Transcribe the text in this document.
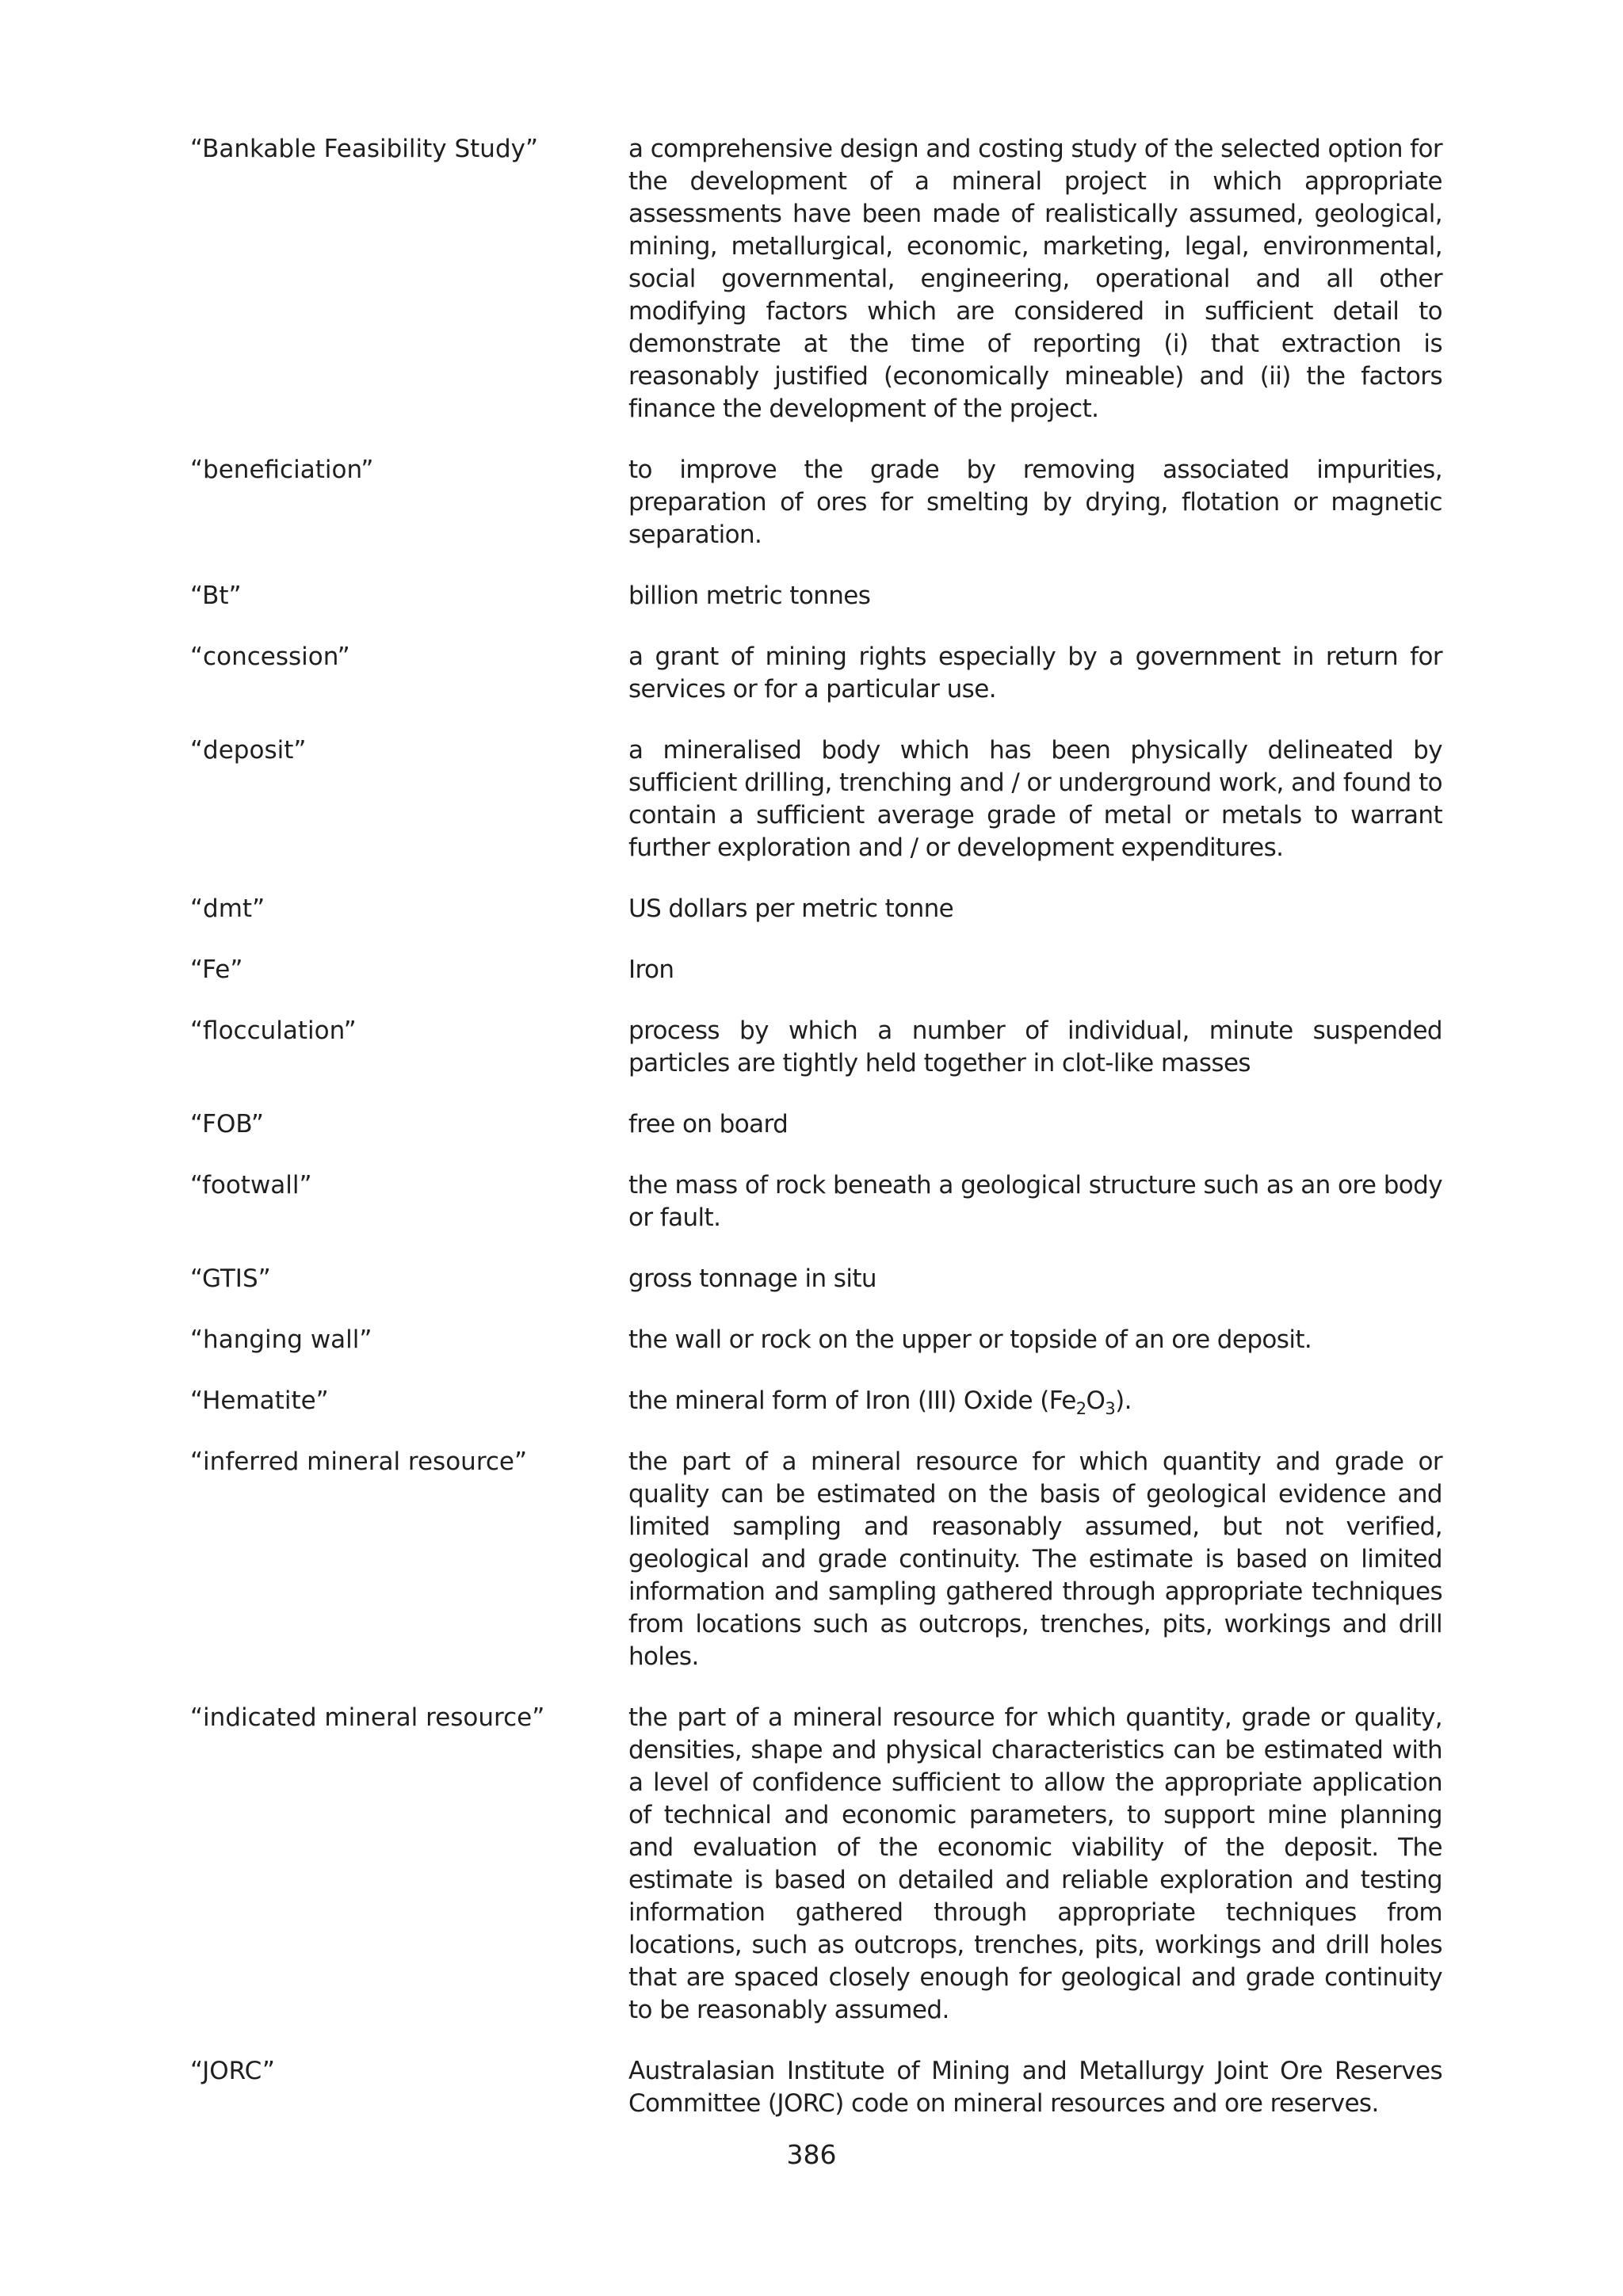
“Bankable Feasibility Study”	a comprehensive design and costing study of the selected option for the development of a mineral project in which appropriate assessments have been made of realistically assumed, geological, mining, metallurgical, economic, marketing, legal, environmental, social governmental, engineering, operational and all other modifying factors which are considered in sufficient detail to demonstrate at the time of reporting (i) that extraction is reasonably justified (economically mineable) and (ii) the factors finance the development of the project.
“beneficiation”	to improve the grade by removing associated impurities, preparation of ores for smelting by drying, flotation or magnetic separation.
“Bt”	billion metric tonnes
“concession”	a grant of mining rights especially by a government in return for services or for a particular use.
“deposit”	a mineralised body which has been physically delineated by sufficient drilling, trenching and / or underground work, and found to contain a sufficient average grade of metal or metals to warrant further exploration and / or development expenditures.
“dmt”	US dollars per metric tonne
“Fe”	Iron
“flocculation”	process by which a number of individual, minute suspended particles are tightly held together in clot-like masses
“FOB”	free on board
“footwall”	the mass of rock beneath a geological structure such as an ore body or fault.
“GTIS”	gross tonnage in situ
“hanging wall”	the wall or rock on the upper or topside of an ore deposit.
“Hematite”	the mineral form of Iron (III) Oxide $(Fe_2O_3)$.
“inferred mineral resource”	the part of a mineral resource for which quantity and grade or quality can be estimated on the basis of geological evidence and limited sampling and reasonably assumed, but not verified, geological and grade continuity. The estimate is based on limited information and sampling gathered through appropriate techniques from locations such as outcrops, trenches, pits, workings and drill holes.
“indicated mineral resource”	the part of a mineral resource for which quantity, grade or quality, densities, shape and physical characteristics can be estimated with a level of confidence sufficient to allow the appropriate application of technical and economic parameters, to support mine planning and evaluation of the economic viability of the deposit. The estimate is based on detailed and reliable exploration and testing information gathered through appropriate techniques from locations, such as outcrops, trenches, pits, workings and drill holes that are spaced closely enough for geological and grade continuity to be reasonably assumed.
“JORC”	Australasian Institute of Mining and Metallurgy Joint Ore Reserves Committee (JORC) code on mineral resources and ore reserves.
386
